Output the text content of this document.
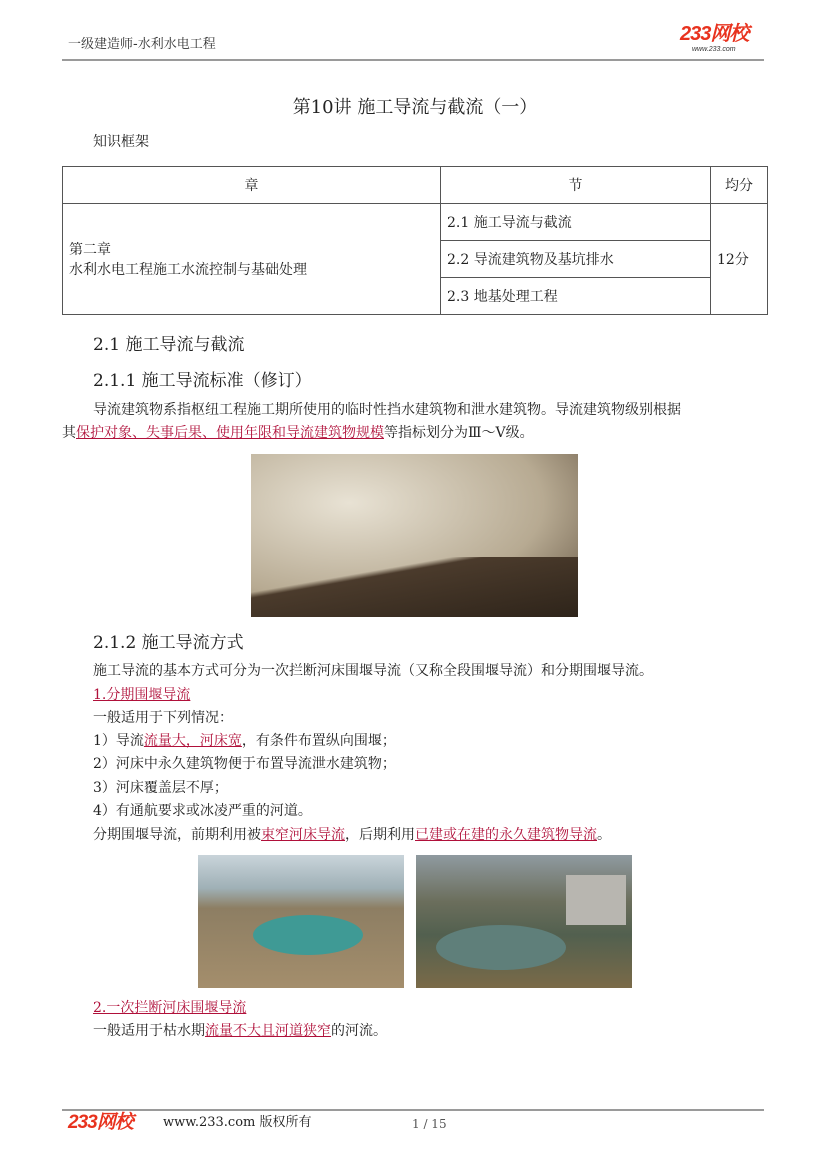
一级建造师-水利水电工程	233网校
www.233.com
第10讲 施工导流与截流（一）
知识框架
章	节	均分

第二章
水利水电工程施工水流控制与基础处理	2.1 施工导流与截流	12分
	2.2 导流建筑物及基坑排水	
	2.3 地基处理工程	
2.1 施工导流与截流
2.1.1 施工导流标准（修订）
导流建筑物系指枢纽工程施工期所使用的临时性挡水建筑物和泄水建筑物。导流建筑物级别根据
其保护对象、失事后果、使用年限和导流建筑物规模等指标划分为Ⅲ～Ⅴ级。
2.1.2 施工导流方式
施工导流的基本方式可分为一次拦断河床围堰导流（又称全段围堰导流）和分期围堰导流。
1.分期围堰导流
一般适用于下列情况：
1）导流流量大，河床宽，有条件布置纵向围堰；
2）河床中永久建筑物便于布置导流泄水建筑物；
3）河床覆盖层不厚；
4）有通航要求或冰凌严重的河道。
分期围堰导流，前期利用被束窄河床导流，后期利用已建或在建的永久建筑物导流。
2.一次拦断河床围堰导流
一般适用于枯水期流量不大且河道狭窄的河流。
233网校 www.233.com 版权所有	1 / 15
